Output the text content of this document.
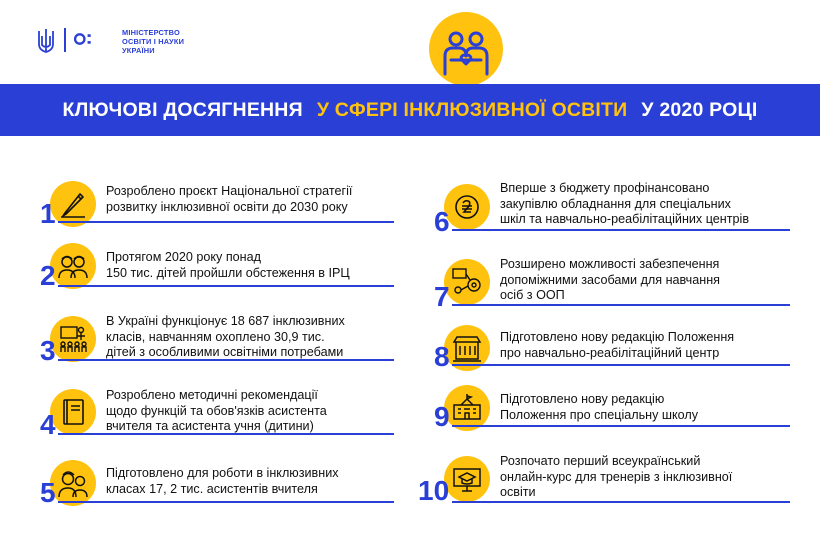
МІНІСТЕРСТВО
ОСВІТИ І НАУКИ
УКРАЇНИ
КЛЮЧОВІ ДОСЯГНЕННЯ У СФЕРІ ІНКЛЮЗИВНОЇ ОСВІТИ У 2020 РОЦІ
1
Розроблено проєкт Національної стратегії
розвитку інклюзивної освіти до 2030 року
2
Протягом 2020 року понад
150 тис. дітей пройшли обстеження в ІРЦ
3
В Україні функціонує 18 687 інклюзивних
класів, навчанням охоплено 30,9 тис.
дітей з особливими освітніми потребами
4
Розроблено методичні рекомендації
щодо функцій та обов'язків асистента
вчителя та асистента учня (дитини)
5
Підготовлено для роботи в інклюзивних
класах 17, 2 тис. асистентів вчителя
6
Вперше з бюджету профінансовано
закупівлю обладнання для спеціальних
шкіл та навчально-реабілітаційних центрів
7
Розширено можливості забезпечення
допоміжними засобами для навчання
осіб з ООП
8
Підготовлено нову редакцію Положення
про навчально-реабілітаційний центр
9
Підготовлено нову редакцію
Положення про спеціальну школу
10
Розпочато перший всеукраїнський
онлайн-курс для тренерів з інклюзивної
освіти
